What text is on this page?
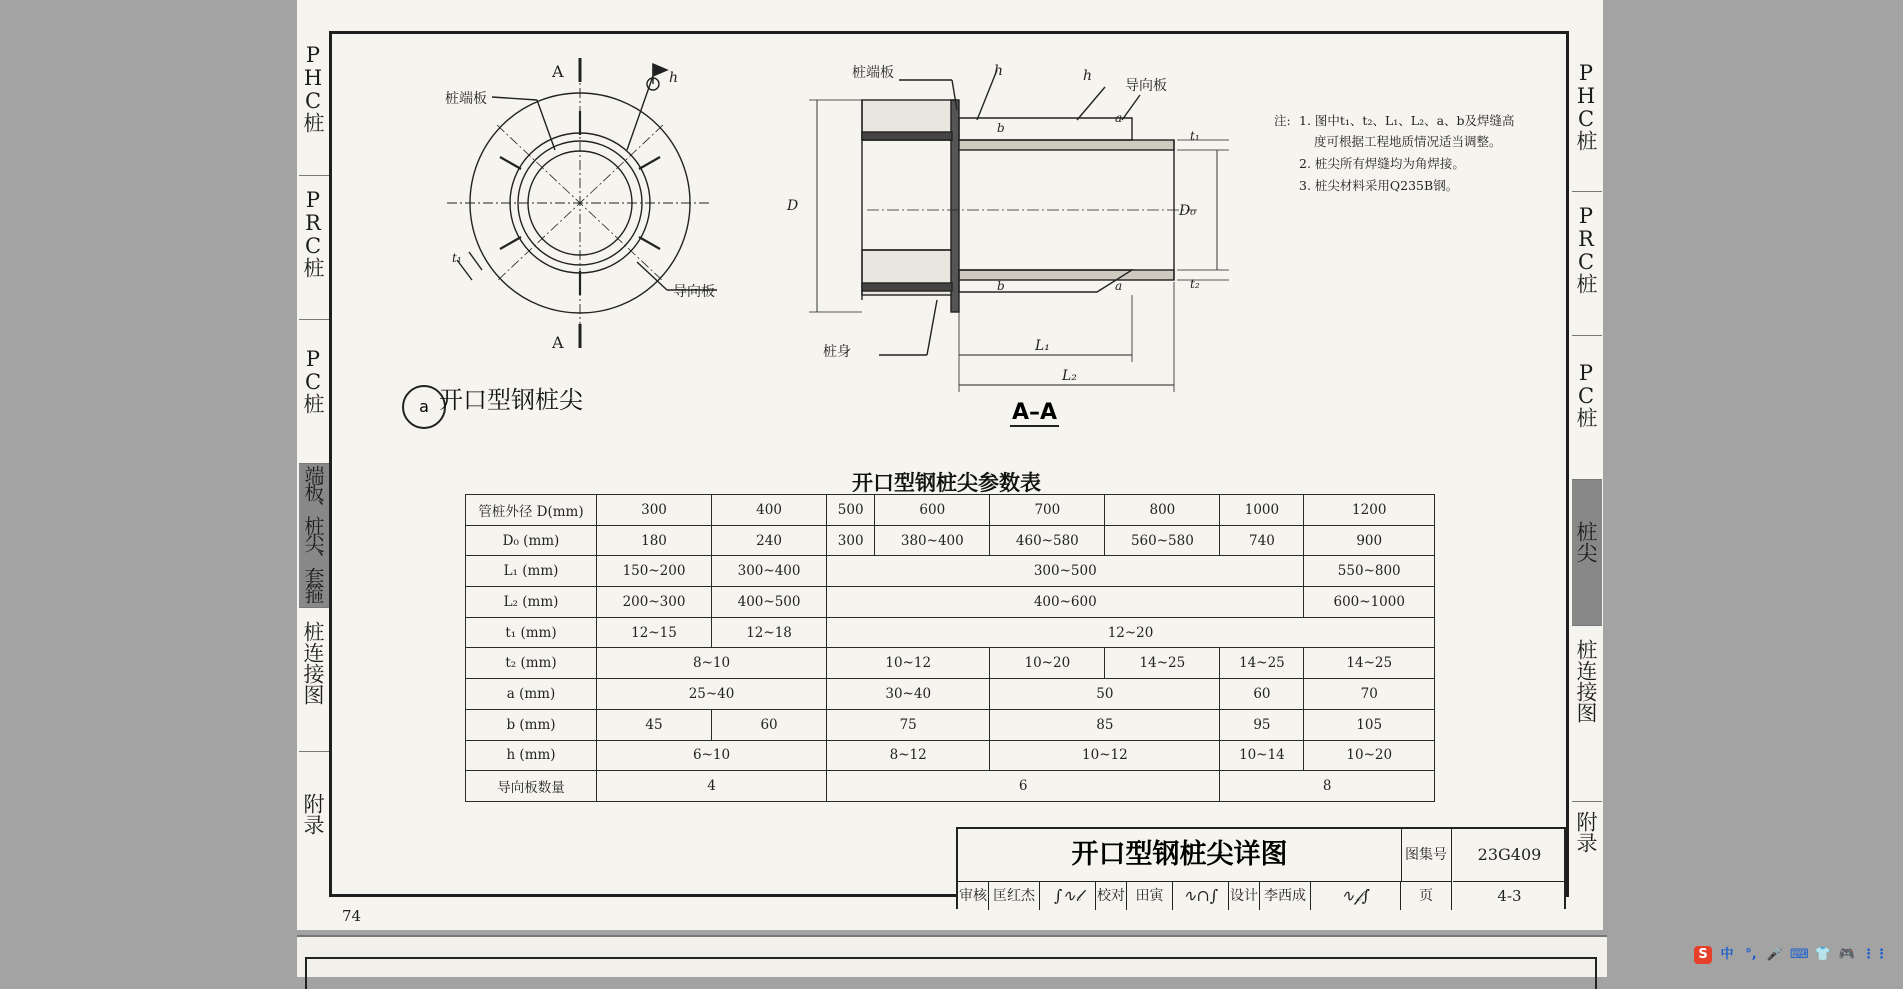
PHC桩
PRC桩
PC桩
端板、桩尖、套箍
桩连接图
附录
PHC桩
PRC桩
PC桩
桩尖
桩连接图
附录
A
A
桩端板
导向板
h
t₁
桩端板
导向板
桩身
D	D₀
L₁
L₂
h	h
b
b
a
a
t₁
t₂
a 开口型钢桩尖	A–A
注: 1. 图中t₁、t₂、L₁、L₂、a、b及焊缝高
度可根据工程地质情况适当调整。
2. 桩尖所有焊缝均为角焊接。
3. 桩尖材料采用Q235B钢。
开口型钢桩尖参数表
管桩外径 D(mm)	300	400	500	600	700	800	1000	1200
D₀ (mm)	180	240	300	380~400	460~580	560~580	740	900
L₁ (mm)	150~200	300~400	300~500					550~800
L₂ (mm)	200~300	400~500	400~600					600~1000
t₁ (mm)	12~15	12~18	12~20					
t₂ (mm)	8~10		10~12		10~20	14~25	14~25	14~25
a (mm)	25~40		30~40		50		60	70
b (mm)	45	60	75		85		95	105
h (mm)	6~10		8~12		10~12		10~14	10~20
导向板数量	4		6				8	
开口型钢桩尖详图	图集号	23G409
审核 匡红杰	∫∿𝓁	校对 田寅	∿∩∫ 设计 李西成	∿𝒻∫	页	4-3
74
S 中 °, 🎤 ⌨ 👕 🎮 ⋮⋮
